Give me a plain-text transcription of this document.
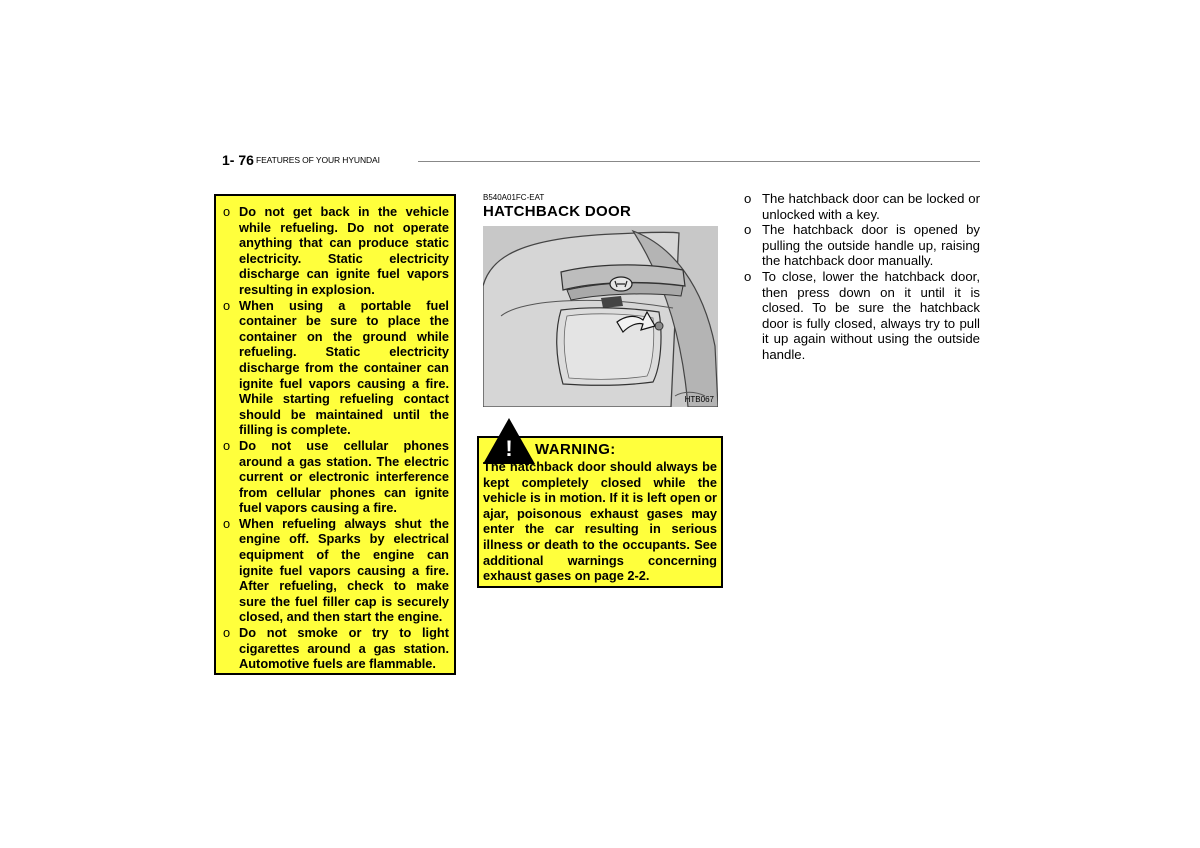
1- 76 FEATURES OF YOUR HYUNDAI
o Do not get back in the vehicle while refueling. Do not operate anything that can produce static electricity. Static electricity discharge can ignite fuel vapors resulting in explosion.
o When using a portable fuel container be sure to place the container on the ground while refueling. Static electricity discharge from the container can ignite fuel vapors causing a fire. While starting refueling contact should be maintained until the filling is complete.
o Do not use cellular phones around a gas station. The electric current or electronic interference from cellular phones can ignite fuel vapors causing a fire.
o When refueling always shut the engine off. Sparks by electrical equipment of the engine can ignite fuel vapors causing a fire. After refueling, check to make sure the fuel filler cap is securely closed, and then start the engine.
o Do not smoke or try to light cigarettes around a gas station. Automotive fuels are flammable.
B540A01FC-EAT
HATCHBACK DOOR
HTB067
! WARNING:
The hatchback door should always be kept completely closed while the vehicle is in motion. If it is left open or ajar, poisonous exhaust gases may enter the car resulting in serious illness or death to the occupants. See additional warnings concerning exhaust gases on page 2-2.
o The hatchback door can be locked or unlocked with a key.
o The hatchback door is opened by pulling the outside handle up, raising the hatchback door manually.
o To close, lower the hatchback door, then press down on it until it is closed. To be sure the hatchback door is fully closed, always try to pull it up again without using the outside handle.
